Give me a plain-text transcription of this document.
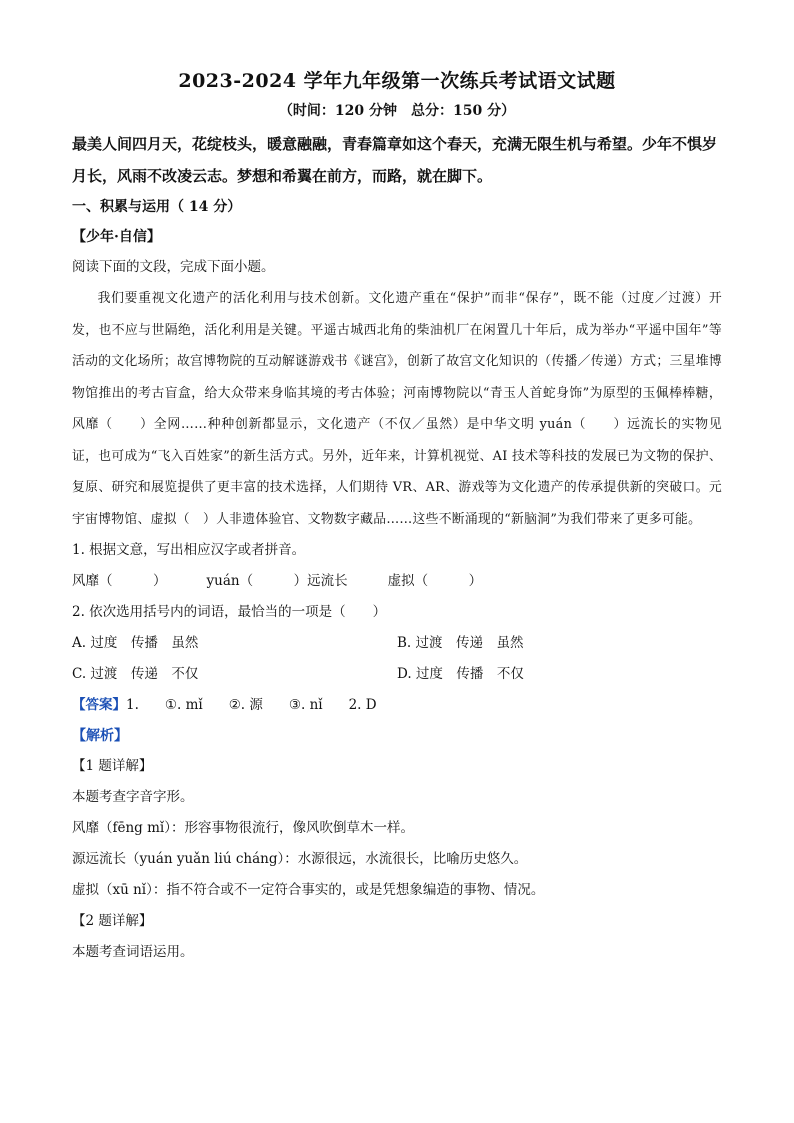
2023-2024 学年九年级第一次练兵考试语文试题

（时间：120 分钟　总分：150 分）

最美人间四月天，花绽枝头，暖意融融，青春篇章如这个春天，充满无限生机与希望。少年不惧岁月长，风雨不改凌云志。梦想和希翼在前方，而路，就在脚下。

一、积累与运用（ 14 分）

【少年·自信】

阅读下面的文段，完成下面小题。

我们要重视文化遗产的活化利用与技术创新。文化遗产重在“保护”而非“保存”，既不能（过度／过渡）开发，也不应与世隔绝，活化利用是关键。平遥古城西北角的柴油机厂在闲置几十年后，成为举办“平遥中国年”等活动的文化场所；故宫博物院的互动解谜游戏书《谜宫》，创新了故宫文化知识的（传播／传递）方式；三星堆博物馆推出的考古盲盒，给大众带来身临其境的考古体验；河南博物院以“青玉人首蛇身饰”为原型的玉佩棒棒糖，风靡（　　）全网……种种创新都显示，文化遗产（不仅／虽然）是中华文明 yuán（　　）远流长的实物见证，也可成为“飞入百姓家”的新生活方式。另外，近年来，计算机视觉、AI 技术等科技的发展已为文物的保护、复原、研究和展览提供了更丰富的技术选择，人们期待 VR、AR、游戏等为文化遗产的传承提供新的突破口。元宇宙博物馆、虚拟（　）人非遗体验官、文物数字藏品……这些不断涌现的“新脑洞”为我们带来了更多可能。

1. 根据文意，写出相应汉字或者拼音。

风靡（　　　）	yuán（　　　）远流长	虚拟（　　　）

2. 依次选用括号内的词语，最恰当的一项是（　　）

A. 过度　传播　虽然	B. 过渡　传递　虽然
C. 过渡　传递　不仅	D. 过度　传播　不仅

【答案】1. ①. mǐ ②. 源 ③. nǐ 2. D

【解析】

【1 题详解】

本题考查字音字形。

风靡（fēng mǐ）：形容事物很流行，像风吹倒草木一样。

源远流长（yuán yuǎn liú cháng）：水源很远，水流很长，比喻历史悠久。

虚拟（xū nǐ）：指不符合或不一定符合事实的，或是凭想象编造的事物、情况。

【2 题详解】

本题考查词语运用。
